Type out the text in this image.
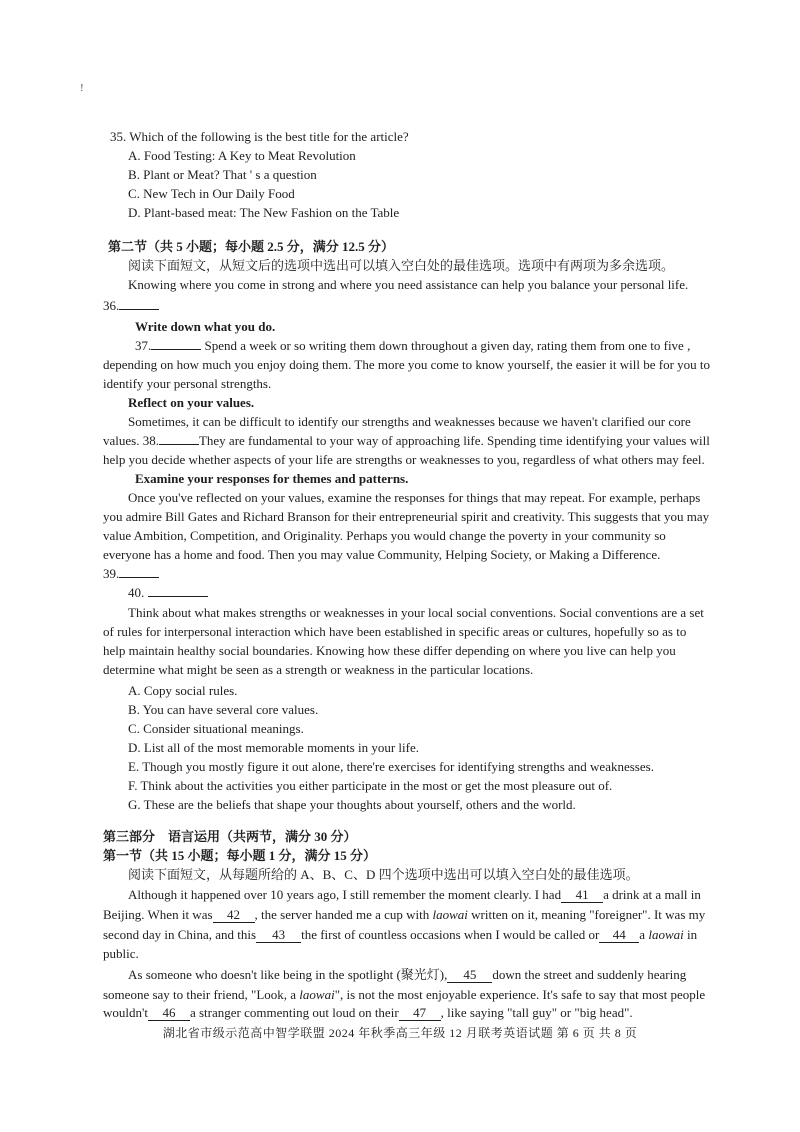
!
35. Which of the following is the best title for the article?
A. Food Testing: A Key to Meat Revolution
B. Plant or Meat? That ' s a question
C. New Tech in Our Daily Food
D. Plant-based meat: The New Fashion on the Table
第二节（共 5 小题；每小题 2.5 分，满分 12.5 分）
阅读下面短文，从短文后的选项中选出可以填入空白处的最佳选项。选项中有两项为多余选项。
Knowing where you come in strong and where you need assistance can help you balance your personal life.
36.
Write down what you do.
37.	Spend a week or so writing them down throughout a given day, rating them from one to five ,
depending on how much you enjoy doing them. The more you come to know yourself, the easier it will be for you to
identify your personal strengths.
Reflect on your values.
Sometimes, it can be difficult to identify our strengths and weaknesses because we haven't clarified our core
values. 38.	They are fundamental to your way of approaching life. Spending time identifying your values will
help you decide whether aspects of your life are strengths or weaknesses to you, regardless of what others may feel.
Examine your responses for themes and patterns.
Once you've reflected on your values, examine the responses for things that may repeat. For example, perhaps
you admire Bill Gates and Richard Branson for their entrepreneurial spirit and creativity. This suggests that you may
value Ambition, Competition, and Originality. Perhaps you would change the poverty in your community so
everyone has a home and food. Then you may value Community, Helping Society, or Making a Difference.
39.
40.
Think about what makes strengths or weaknesses in your local social conventions. Social conventions are a set
of rules for interpersonal interaction which have been established in specific areas or cultures, hopefully so as to
help maintain healthy social boundaries. Knowing how these differ depending on where you live can help you
determine what might be seen as a strength or weakness in the particular locations.
A. Copy social rules.
B. You can have several core values.
C. Consider situational meanings.
D. List all of the most memorable moments in your life.
E. Though you mostly figure it out alone, there're exercises for identifying strengths and weaknesses.
F. Think about the activities you either participate in the most or get the most pleasure out of.
G. These are the beliefs that shape your thoughts about yourself, others and the world.
第三部分　语言运用（共两节，满分 30 分）
第一节（共 15 小题；每小题 1 分，满分 15 分）
阅读下面短文，从每题所给的 A、B、C、D 四个选项中选出可以填入空白处的最佳选项。
Although it happened over 10 years ago, I still remember the moment clearly. I had 41 a drink at a mall in
Beijing. When it was 42 , the server handed me a cup with laowai written on it, meaning "foreigner". It was my
second day in China, and this 43 the first of countless occasions when I would be called or 44 a laowai in
public.
As someone who doesn't like being in the spotlight (聚光灯), 45 down the street and suddenly hearing
someone say to their friend, "Look, a laowai", is not the most enjoyable experience. It's safe to say that most people
wouldn't 46 a stranger commenting out loud on their 47 , like saying "tall guy" or "big head".
湖北省市级示范高中智学联盟 2024 年秋季高三年级 12 月联考英语试题 第 6 页 共 8 页
